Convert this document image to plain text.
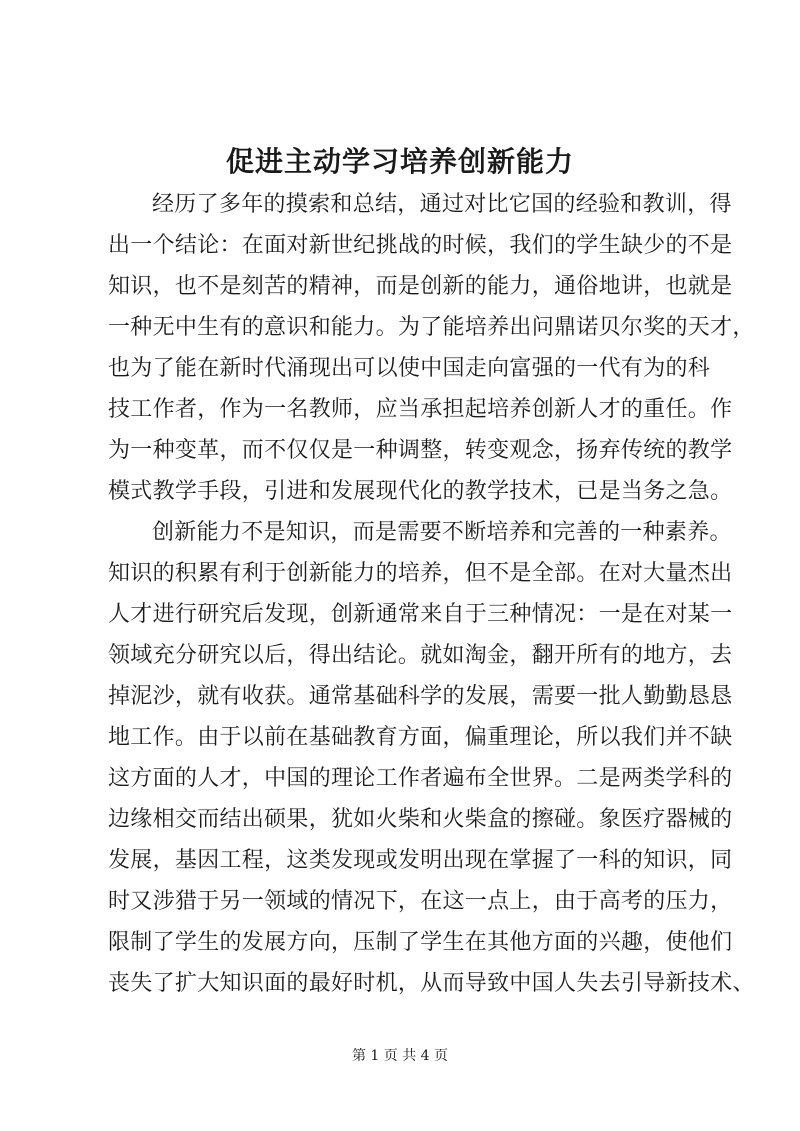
促进主动学习培养创新能力
经历了多年的摸索和总结，通过对比它国的经验和教训，得
出一个结论：在面对新世纪挑战的时候，我们的学生缺少的不是
知识，也不是刻苦的精神，而是创新的能力，通俗地讲，也就是
一种无中生有的意识和能力。为了能培养出问鼎诺贝尔奖的天才，
也为了能在新时代涌现出可以使中国走向富强的一代有为的科
技工作者，作为一名教师，应当承担起培养创新人才的重任。作
为一种变革，而不仅仅是一种调整，转变观念，扬弃传统的教学
模式教学手段，引进和发展现代化的教学技术，已是当务之急。
创新能力不是知识，而是需要不断培养和完善的一种素养。
知识的积累有利于创新能力的培养，但不是全部。在对大量杰出
人才进行研究后发现，创新通常来自于三种情况：一是在对某一
领域充分研究以后，得出结论。就如淘金，翻开所有的地方，去
掉泥沙，就有收获。通常基础科学的发展，需要一批人勤勤恳恳
地工作。由于以前在基础教育方面，偏重理论，所以我们并不缺
这方面的人才，中国的理论工作者遍布全世界。二是两类学科的
边缘相交而结出硕果，犹如火柴和火柴盒的擦碰。象医疗器械的
发展，基因工程，这类发现或发明出现在掌握了一科的知识，同
时又涉猎于另一领域的情况下，在这一点上，由于高考的压力，
限制了学生的发展方向，压制了学生在其他方面的兴趣，使他们
丧失了扩大知识面的最好时机，从而导致中国人失去引导新技术、
第 1 页 共 4 页
